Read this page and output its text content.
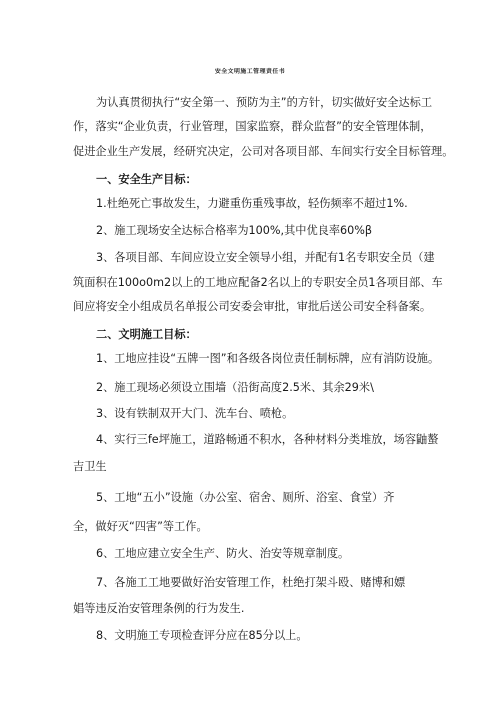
安全文明施工管理责任书
为认真贯彻执行“安全第一、预防为主”的方针，切实做好安全达标工
作，落实“企业负责，行业管理，国家监察，群众监督”的安全管理体制，
促进企业生产发展，经研究决定，公司对各项目部、车间实行安全目标管理。
一、安全生产目标：
1.杜绝死亡事故发生，力避重伤重残事故，轻伤频率不超过1%.
2、施工现场安全达标合格率为100%,其中优良率60%β
3、各项目部、车间应设立安全领导小组，并配有1名专职安全员（建
筑面积在100o0m2以上的工地应配备2名以上的专职安全员1各项目部、车
间应将安全小组成员名单报公司安委会审批，审批后送公司安全科备案。
二、文明施工目标：
1、工地应挂设“五牌一图”和各级各岗位责任制标牌，应有消防设施。
2、施工现场必须设立围墙（沿街高度2.5米、其余29米\
3、设有铁制双开大门、洗车台、喷枪。
4、实行三fe坪施工，道路畅通不积水，各种材料分类堆放，场容鼬螯
吉卫生
5、工地“五小”设施（办公室、宿舍、厕所、浴室、食堂）齐
全，做好灭“四害”等工作。
6、工地应建立安全生产、防火、治安等规章制度。
7、各施工工地要做好治安管理工作，杜绝打架斗殴、赌博和嫖
娼等违反治安管理条例的行为发生.
8、文明施工专项检查评分应在85分以上。
